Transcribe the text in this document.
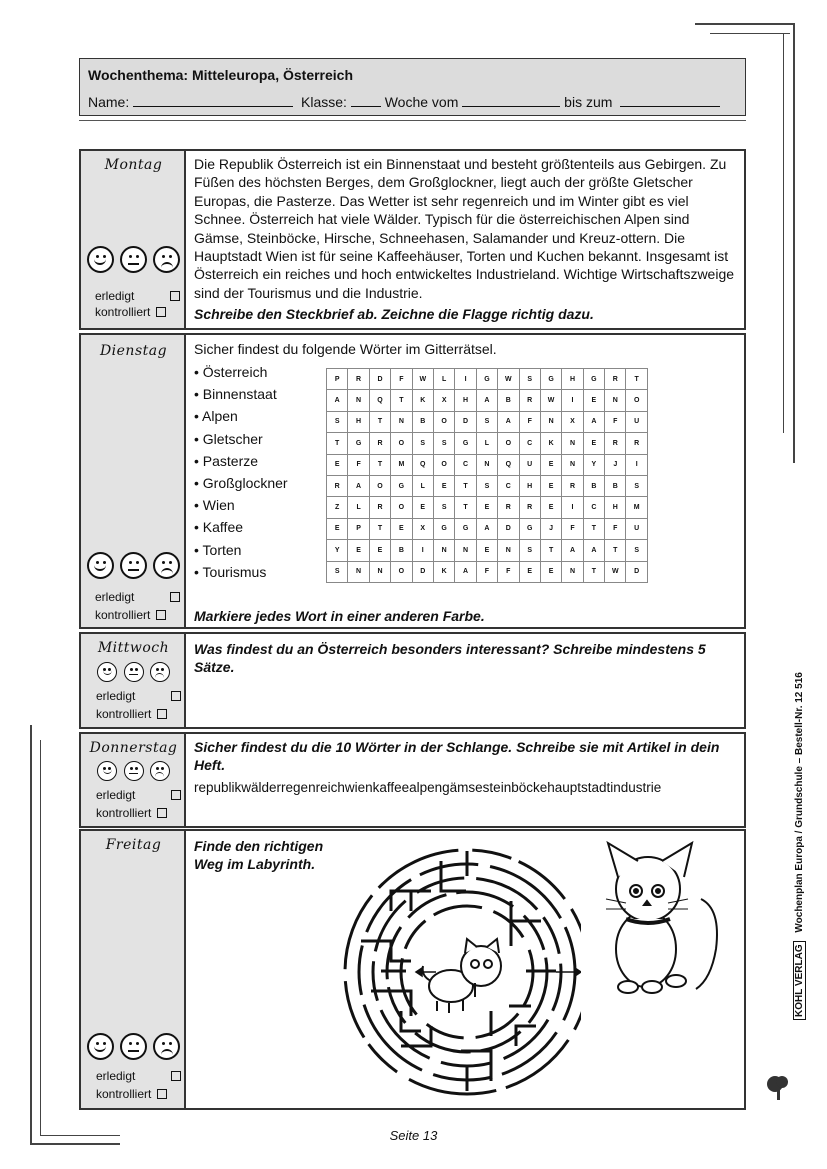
Wochenthema: Mitteleuropa, Österreich
Name:	Klasse:	Woche vom	bis zum
Montag

erledigt
kontrolliert
Die Republik Österreich ist ein Binnenstaat und besteht größtenteils aus Gebirgen. Zu Füßen des höchsten Berges, dem Großglockner, liegt auch der größte Gletscher Europas, die Pasterze. Das Wetter ist sehr regenreich und im Winter gibt es viel Schnee. Österreich hat viele Wälder. Typisch für die österreichischen Alpen sind Gämse, Steinböcke, Hirsche, Schneehasen, Salamander und Kreuz-ottern. Die Hauptstadt Wien ist für seine Kaffeehäuser, Torten und Kuchen bekannt. Insgesamt ist Österreich ein reiches und hoch entwickeltes Industrieland. Wichtige Wirtschaftszweige sind der Tourismus und die Industrie.
Schreibe den Steckbrief ab. Zeichne die Flagge richtig dazu.
Dienstag

erledigt
kontrolliert
Sicher findest du folgende Wörter im Gitterrätsel.
• Österreich
• Binnenstaat
• Alpen
• Gletscher
• Pasterze
• Großglockner
• Wien
• Kaffee
• Torten
• Tourismus
P	R	D	F	W	L	I	G	W	S	G	H	G	R	T
A	N	Q	T	K	X	H	A	B	R	W	I	E	N	O
S	H	T	N	B	O	D	S	A	F	N	X	A	F	U
T	G	R	O	S	S	G	L	O	C	K	N	E	R	R
E	F	T	M	Q	O	C	N	Q	U	E	N	Y	J	I
R	A	O	G	L	E	T	S	C	H	E	R	B	B	S
Z	L	R	O	E	S	T	E	R	R	E	I	C	H	M
E	P	T	E	X	G	G	A	D	G	J	F	T	F	U
Y	E	E	B	I	N	N	E	N	S	T	A	A	T	S
S	N	N	O	D	K	A	F	F	E	E	N	T	W	D
Markiere jedes Wort in einer anderen Farbe.
Mittwoch

erledigt
kontrolliert
Was findest du an Österreich besonders interessant? Schreibe mindestens 5 Sätze.
Donnerstag

erledigt
kontrolliert
Sicher findest du die 10 Wörter in der Schlange. Schreibe sie mit Artikel in dein Heft.
republikwälderregenreichwienkaffeealpengämsesteinböckehauptstadtindustrie
Freitag

erledigt
kontrolliert
Finde den richtigen
Weg im Labyrinth.
KOHL VERLAG Wochenplan Europa / Grundschule – Bestell-Nr. 12 516
Seite 13
